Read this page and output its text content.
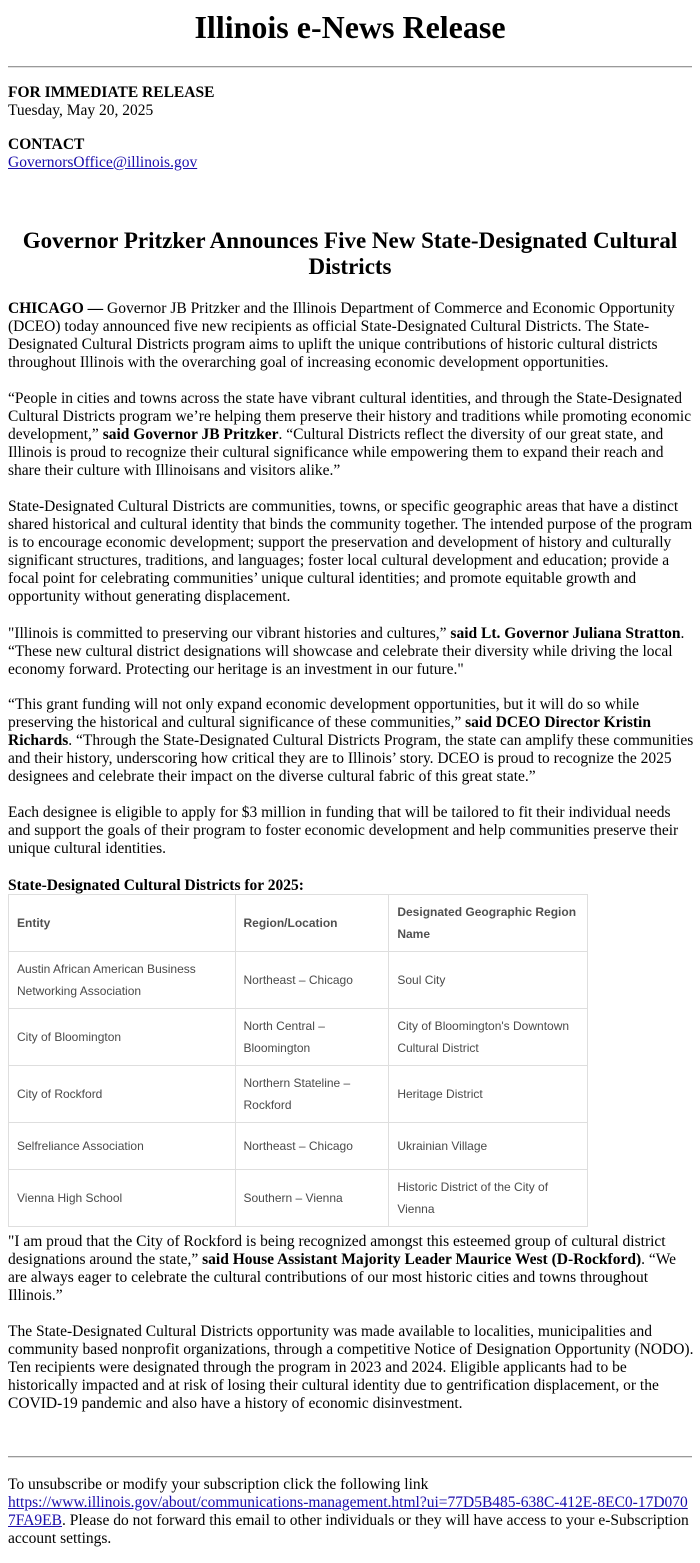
Illinois e-News Release
FOR IMMEDIATE RELEASE
Tuesday, May 20, 2025
CONTACT
GovernorsOffice@illinois.gov
Governor Pritzker Announces Five New State-Designated Cultural Districts

CHICAGO — Governor JB Pritzker and the Illinois Department of Commerce and Economic Opportunity (DCEO) today announced five new recipients as official State-Designated Cultural Districts. The State-Designated Cultural Districts program aims to uplift the unique contributions of historic cultural districts throughout Illinois with the overarching goal of increasing economic development opportunities.

“People in cities and towns across the state have vibrant cultural identities, and through the State-Designated Cultural Districts program we’re helping them preserve their history and traditions while promoting economic development,” said Governor JB Pritzker. “Cultural Districts reflect the diversity of our great state, and Illinois is proud to recognize their cultural significance while empowering them to expand their reach and share their culture with Illinoisans and visitors alike.”

State-Designated Cultural Districts are communities, towns, or specific geographic areas that have a distinct shared historical and cultural identity that binds the community together. The intended purpose of the program is to encourage economic development; support the preservation and development of history and culturally significant structures, traditions, and languages; foster local cultural development and education; provide a focal point for celebrating communities’ unique cultural identities; and promote equitable growth and opportunity without generating displacement.

"Illinois is committed to preserving our vibrant histories and cultures,” said Lt. Governor Juliana Stratton. “These new cultural district designations will showcase and celebrate their diversity while driving the local economy forward. Protecting our heritage is an investment in our future."

“This grant funding will not only expand economic development opportunities, but it will do so while preserving the historical and cultural significance of these communities,” said DCEO Director Kristin Richards. “Through the State-Designated Cultural Districts Program, the state can amplify these communities and their history, underscoring how critical they are to Illinois’ story. DCEO is proud to recognize the 2025 designees and celebrate their impact on the diverse cultural fabric of this great state.”

Each designee is eligible to apply for $3 million in funding that will be tailored to fit their individual needs and support the goals of their program to foster economic development and help communities preserve their unique cultural identities.

State-Designated Cultural Districts for 2025:
Entity	Region/Location	Designated Geographic Region Name
Austin African American Business Networking Association	Northeast – Chicago	Soul City
City of Bloomington	North Central – Bloomington	City of Bloomington's Downtown Cultural District
City of Rockford	Northern Stateline – Rockford	Heritage District
Selfreliance Association	Northeast – Chicago	Ukrainian Village
Vienna High School	Southern – Vienna	Historic District of the City of Vienna

"I am proud that the City of Rockford is being recognized amongst this esteemed group of cultural district designations around the state,” said House Assistant Majority Leader Maurice West (D-Rockford). “We are always eager to celebrate the cultural contributions of our most historic cities and towns throughout Illinois.”

The State-Designated Cultural Districts opportunity was made available to localities, municipalities and community based nonprofit organizations, through a competitive Notice of Designation Opportunity (NODO). Ten recipients were designated through the program in 2023 and 2024. Eligible applicants had to be historically impacted and at risk of losing their cultural identity due to gentrification displacement, or the COVID-19 pandemic and also have a history of economic disinvestment.

To unsubscribe or modify your subscription click the following link
https://www.illinois.gov/about/communications-management.html?ui=77D5B485-638C-412E-8EC0-17D0707FA9EB. Please do not forward this email to other individuals or they will have access to your e-Subscription account settings.
